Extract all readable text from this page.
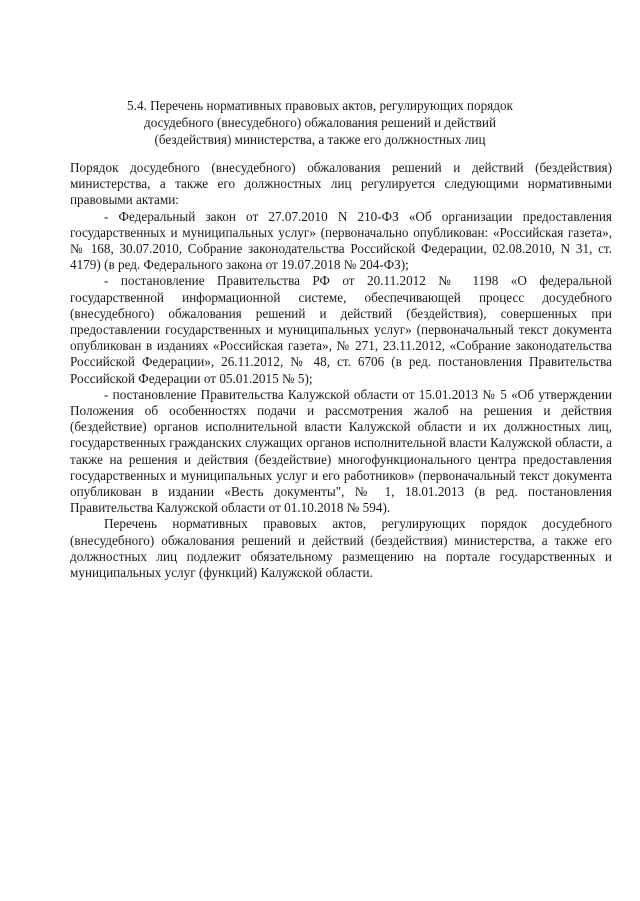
5.4. Перечень нормативных правовых актов, регулирующих порядок
досудебного (внесудебного) обжалования решений и действий
(бездействия) министерства, а также его должностных лиц

Порядок досудебного (внесудебного) обжалования решений и действий (бездействия) министерства, а также его должностных лиц регулируется следующими нормативными правовыми актами:

- Федеральный закон от 27.07.2010 N 210-ФЗ «Об организации предоставления государственных и муниципальных услуг» (первоначально опубликован: «Российская газета», № 168, 30.07.2010, Собрание законодательства Российской Федерации, 02.08.2010, N 31, ст. 4179) (в ред. Федерального закона от 19.07.2018 № 204-ФЗ);

- постановление Правительства РФ от 20.11.2012 № 1198 «О федеральной государственной информационной системе, обеспечивающей процесс досудебного (внесудебного) обжалования решений и действий (бездействия), совершенных при предоставлении государственных и муниципальных услуг» (первоначальный текст документа опубликован в изданиях «Российская газета», № 271, 23.11.2012, «Собрание законодательства Российской Федерации», 26.11.2012, № 48, ст. 6706 (в ред. постановления Правительства Российской Федерации от 05.01.2015 № 5);

- постановление Правительства Калужской области от 15.01.2013 № 5 «Об утверждении Положения об особенностях подачи и рассмотрения жалоб на решения и действия (бездействие) органов исполнительной власти Калужской области и их должностных лиц, государственных гражданских служащих органов исполнительной власти Калужской области, а также на решения и действия (бездействие) многофункционального центра предоставления государственных и муниципальных услуг и его работников» (первоначальный текст документа опубликован в издании «Весть документы", № 1, 18.01.2013 (в ред. постановления Правительства Калужской области от 01.10.2018 № 594).

Перечень нормативных правовых актов, регулирующих порядок досудебного (внесудебного) обжалования решений и действий (бездействия) министерства, а также его должностных лиц подлежит обязательному размещению на портале государственных и муниципальных услуг (функций) Калужской области.
